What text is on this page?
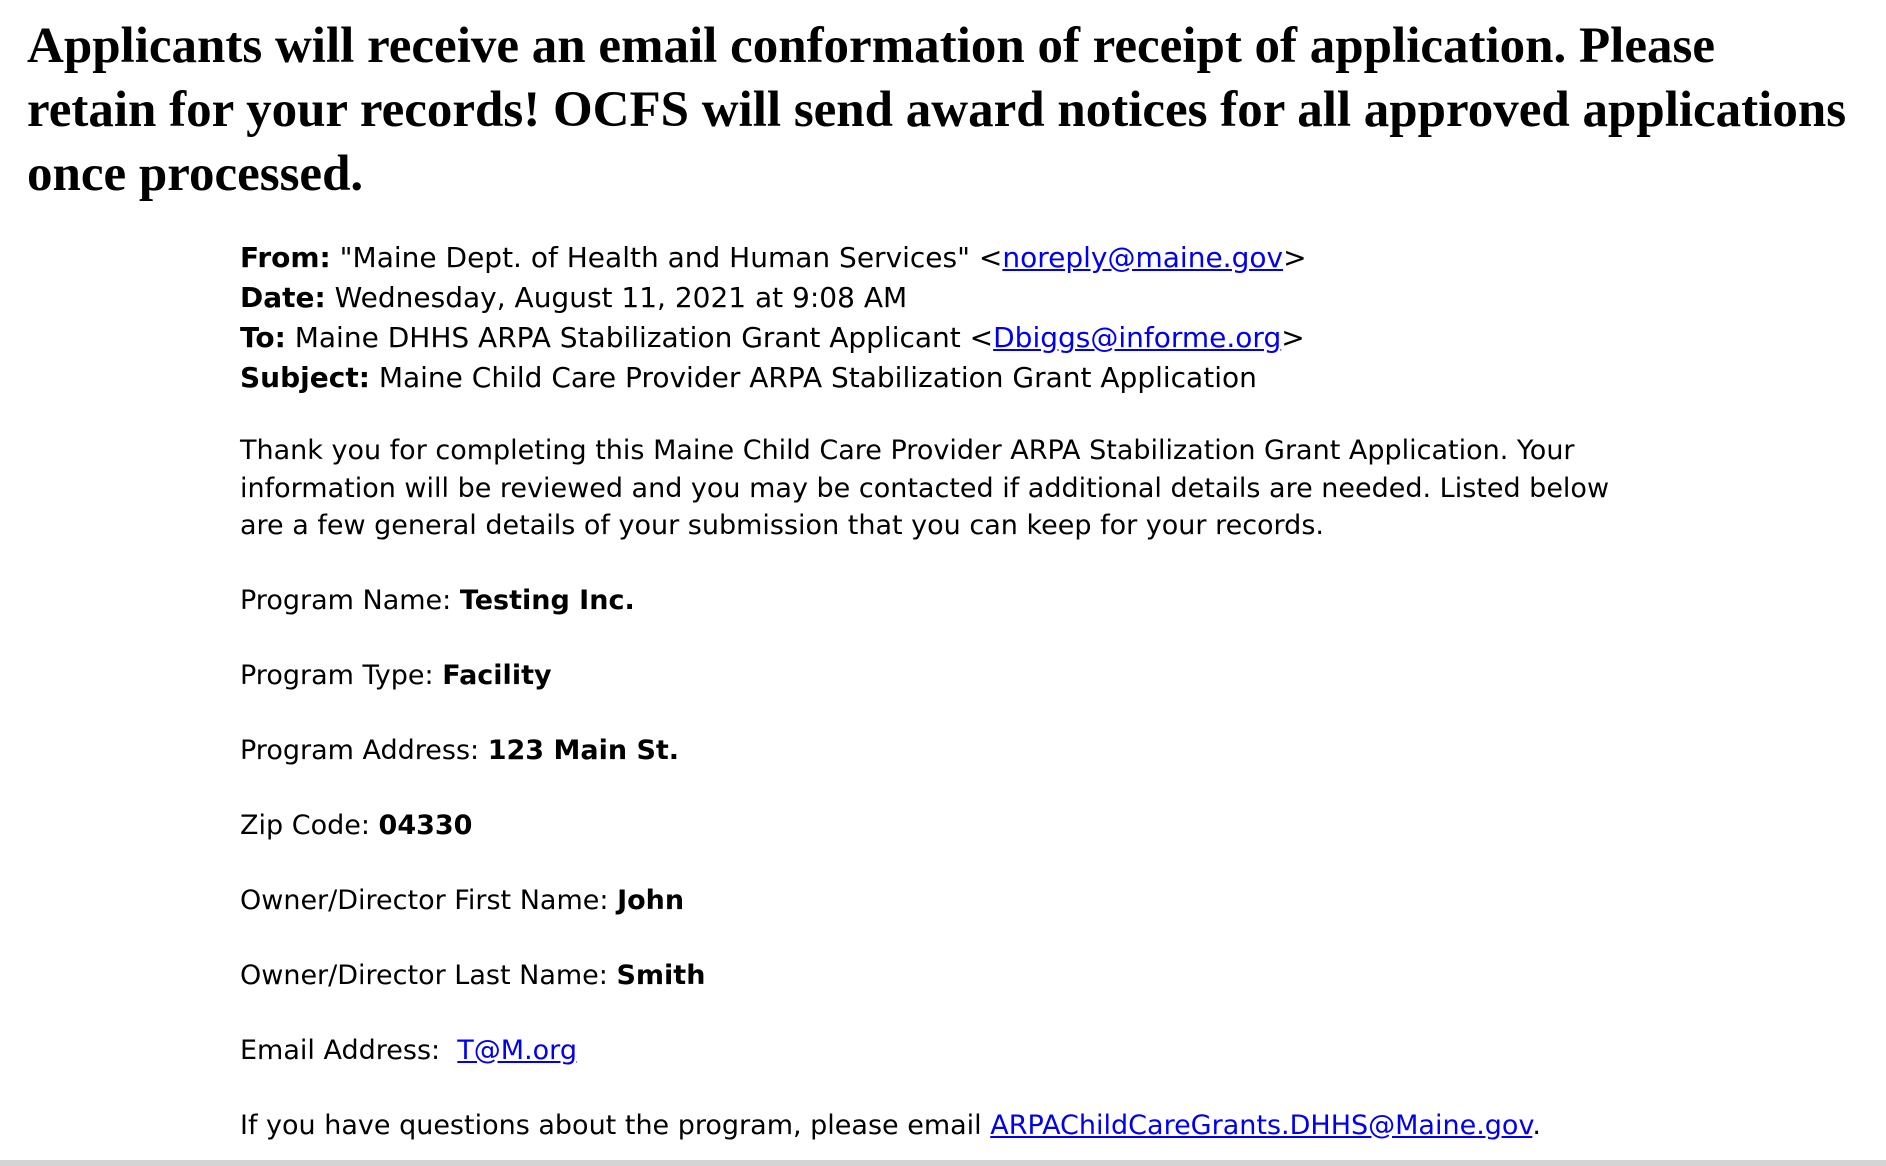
Applicants will receive an email conformation of receipt of application. Please retain for your records! OCFS will send award notices for all approved applications once processed.
From: "Maine Dept. of Health and Human Services" <noreply@maine.gov>
Date: Wednesday, August 11, 2021 at 9:08 AM
To: Maine DHHS ARPA Stabilization Grant Applicant <Dbiggs@informe.org>
Subject: Maine Child Care Provider ARPA Stabilization Grant Application
Thank you for completing this Maine Child Care Provider ARPA Stabilization Grant Application. Your information will be reviewed and you may be contacted if additional details are needed. Listed below are a few general details of your submission that you can keep for your records.
Program Name: Testing Inc.
Program Type: Facility
Program Address: 123 Main St.
Zip Code: 04330
Owner/Director First Name: John
Owner/Director Last Name: Smith
Email Address: T@M.org
If you have questions about the program, please email ARPAChildCareGrants.DHHS@Maine.gov.
